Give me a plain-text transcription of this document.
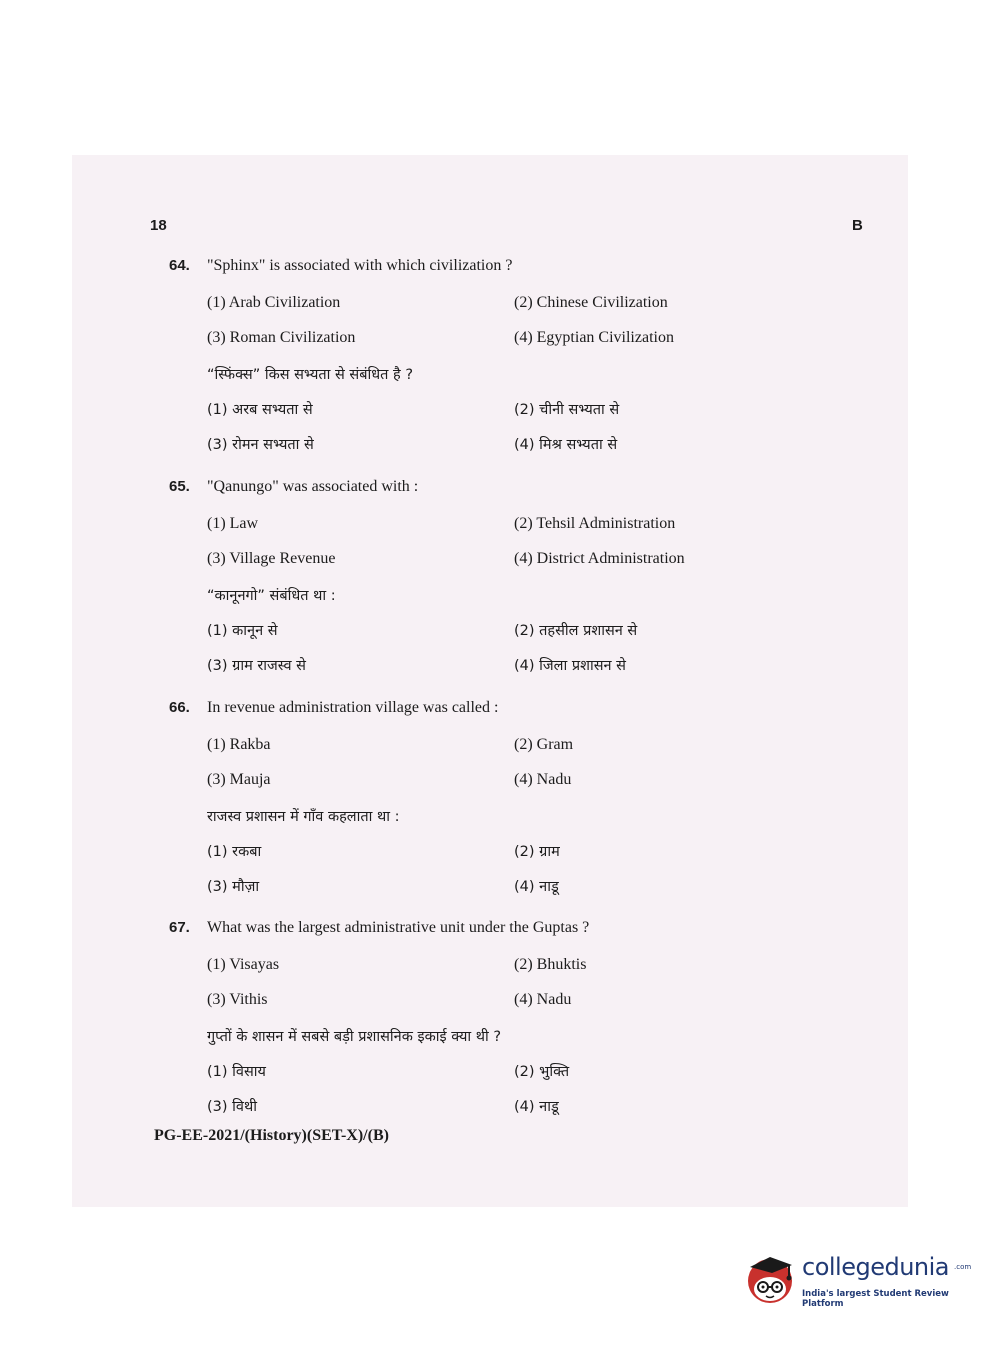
18	B
64. "Sphinx" is associated with which civilization ?
(1) Arab Civilization	(2) Chinese Civilization
(3) Roman Civilization	(4) Egyptian Civilization
“स्फिंक्स” किस सभ्यता से संबंधित है ?
(1) अरब सभ्यता से	(2) चीनी सभ्यता से
(3) रोमन सभ्यता से	(4) मिश्र सभ्यता से
65. "Qanungo" was associated with :
(1) Law	(2) Tehsil Administration
(3) Village Revenue	(4) District Administration
“कानूनगो” संबंधित था :
(1) कानून से	(2) तहसील प्रशासन से
(3) ग्राम राजस्व से	(4) जिला प्रशासन से
66. In revenue administration village was called :
(1) Rakba	(2) Gram
(3) Mauja	(4) Nadu
राजस्व प्रशासन में गाँव कहलाता था :
(1) रकबा	(2) ग्राम
(3) मौज़ा	(4) नाडू
67. What was the largest administrative unit under the Guptas ?
(1) Visayas	(2) Bhuktis
(3) Vithis	(4) Nadu
गुप्तों के शासन में सबसे बड़ी प्रशासनिक इकाई क्या थी ?
(1) विसाय	(2) भुक्ति
(3) विथी	(4) नाडू
PG-EE-2021/(History)(SET-X)/(B)
collegedunia .com
India's largest Student Review Platform
